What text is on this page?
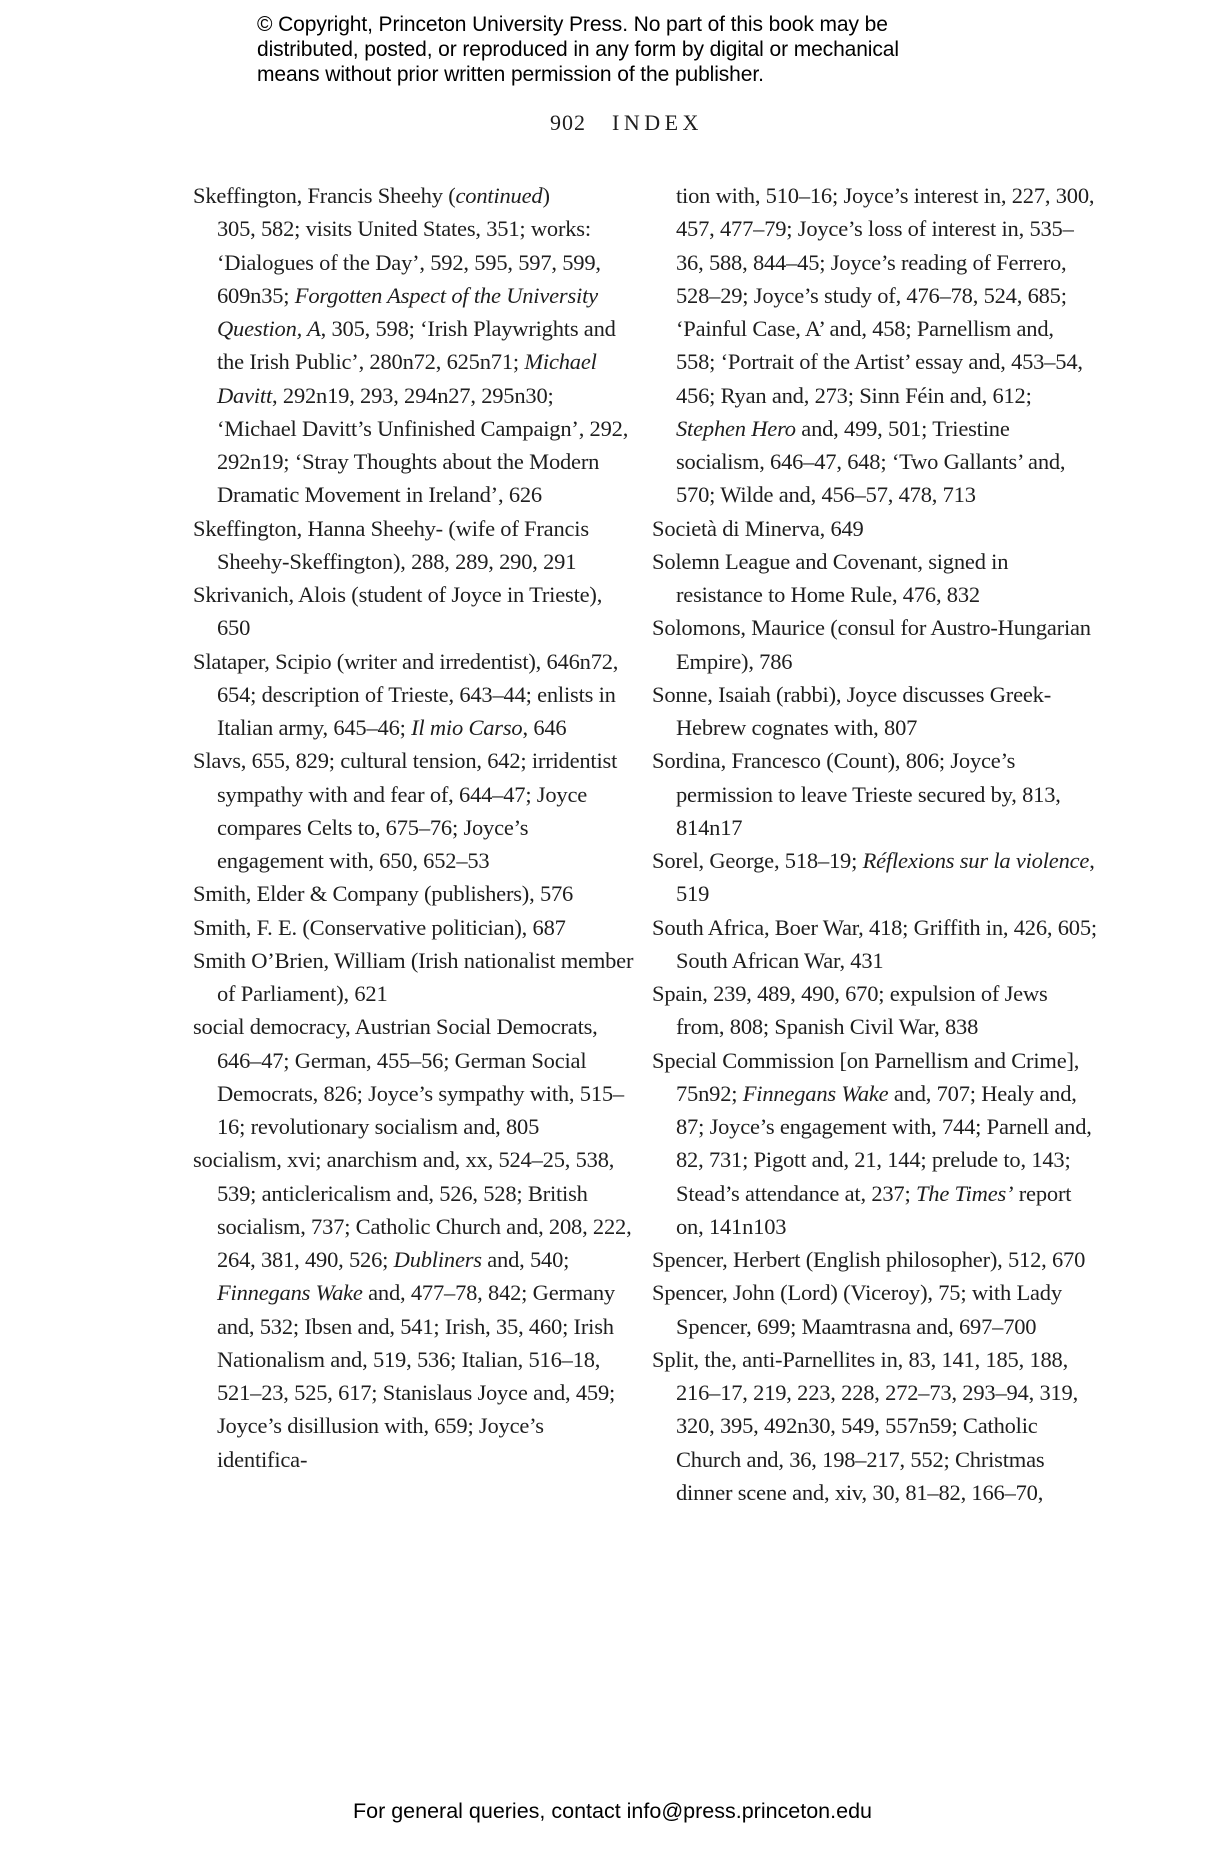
© Copyright, Princeton University Press. No part of this book may be
distributed, posted, or reproduced in any form by digital or mechanical
means without prior written permission of the publisher.
902 INDEX

Skeffington, Francis Sheehy (continued)
305, 582; visits United States, 351; works: ‘Dialogues of the Day’, 592, 595, 597, 599, 609n35; Forgotten Aspect of the University Question, A, 305, 598; ‘Irish Playwrights and the Irish Public’, 280n72, 625n71; Michael Davitt, 292n19, 293, 294n27, 295n30; ‘Michael Davitt’s Unfinished Campaign’, 292, 292n19; ‘Stray Thoughts about the Modern Dramatic Movement in Ireland’, 626

Skeffington, Hanna Sheehy- (wife of Francis Sheehy-Skeffington), 288, 289, 290, 291

Skrivanich, Alois (student of Joyce in Trieste), 650

Slataper, Scipio (writer and irredentist), 646n72, 654; description of Trieste, 643–44; enlists in Italian army, 645–46; Il mio Carso, 646

Slavs, 655, 829; cultural tension, 642; irridentist sympathy with and fear of, 644–47; Joyce compares Celts to, 675–76; Joyce’s engagement with, 650, 652–53

Smith, Elder & Company (publishers), 576

Smith, F. E. (Conservative politician), 687

Smith O’Brien, William (Irish nationalist member of Parliament), 621

social democracy, Austrian Social Democrats, 646–47; German, 455–56; German Social Democrats, 826; Joyce’s sympathy with, 515–16; revolutionary socialism and, 805

socialism, xvi; anarchism and, xx, 524–25, 538, 539; anticlericalism and, 526, 528; British socialism, 737; Catholic Church and, 208, 222, 264, 381, 490, 526; Dubliners and, 540; Finnegans Wake and, 477–78, 842; Germany and, 532; Ibsen and, 541; Irish, 35, 460; Irish Nationalism and, 519, 536; Italian, 516–18, 521–23, 525, 617; Stanislaus Joyce and, 459; Joyce’s disillusion with, 659; Joyce’s identifica-

tion with, 510–16; Joyce’s interest in, 227, 300, 457, 477–79; Joyce’s loss of interest in, 535–36, 588, 844–45; Joyce’s reading of Ferrero, 528–29; Joyce’s study of, 476–78, 524, 685; ‘Painful Case, A’ and, 458; Parnellism and, 558; ‘Portrait of the Artist’ essay and, 453–54, 456; Ryan and, 273; Sinn Féin and, 612; Stephen Hero and, 499, 501; Triestine socialism, 646–47, 648; ‘Two Gallants’ and, 570; Wilde and, 456–57, 478, 713

Società di Minerva, 649

Solemn League and Covenant, signed in resistance to Home Rule, 476, 832

Solomons, Maurice (consul for Austro-Hungarian Empire), 786

Sonne, Isaiah (rabbi), Joyce discusses Greek-Hebrew cognates with, 807

Sordina, Francesco (Count), 806; Joyce’s permission to leave Trieste secured by, 813, 814n17

Sorel, George, 518–19; Réflexions sur la violence, 519

South Africa, Boer War, 418; Griffith in, 426, 605; South African War, 431

Spain, 239, 489, 490, 670; expulsion of Jews from, 808; Spanish Civil War, 838

Special Commission [on Parnellism and Crime], 75n92; Finnegans Wake and, 707; Healy and, 87; Joyce’s engagement with, 744; Parnell and, 82, 731; Pigott and, 21, 144; prelude to, 143; Stead’s attendance at, 237; The Times’ report on, 141n103

Spencer, Herbert (English philosopher), 512, 670

Spencer, John (Lord) (Viceroy), 75; with Lady Spencer, 699; Maamtrasna and, 697–700

Split, the, anti-Parnellites in, 83, 141, 185, 188, 216–17, 219, 223, 228, 272–73, 293–94, 319, 320, 395, 492n30, 549, 557n59; Catholic Church and, 36, 198–217, 552; Christmas dinner scene and, xiv, 30, 81–82, 166–70,

For general queries, contact info@press.princeton.edu
